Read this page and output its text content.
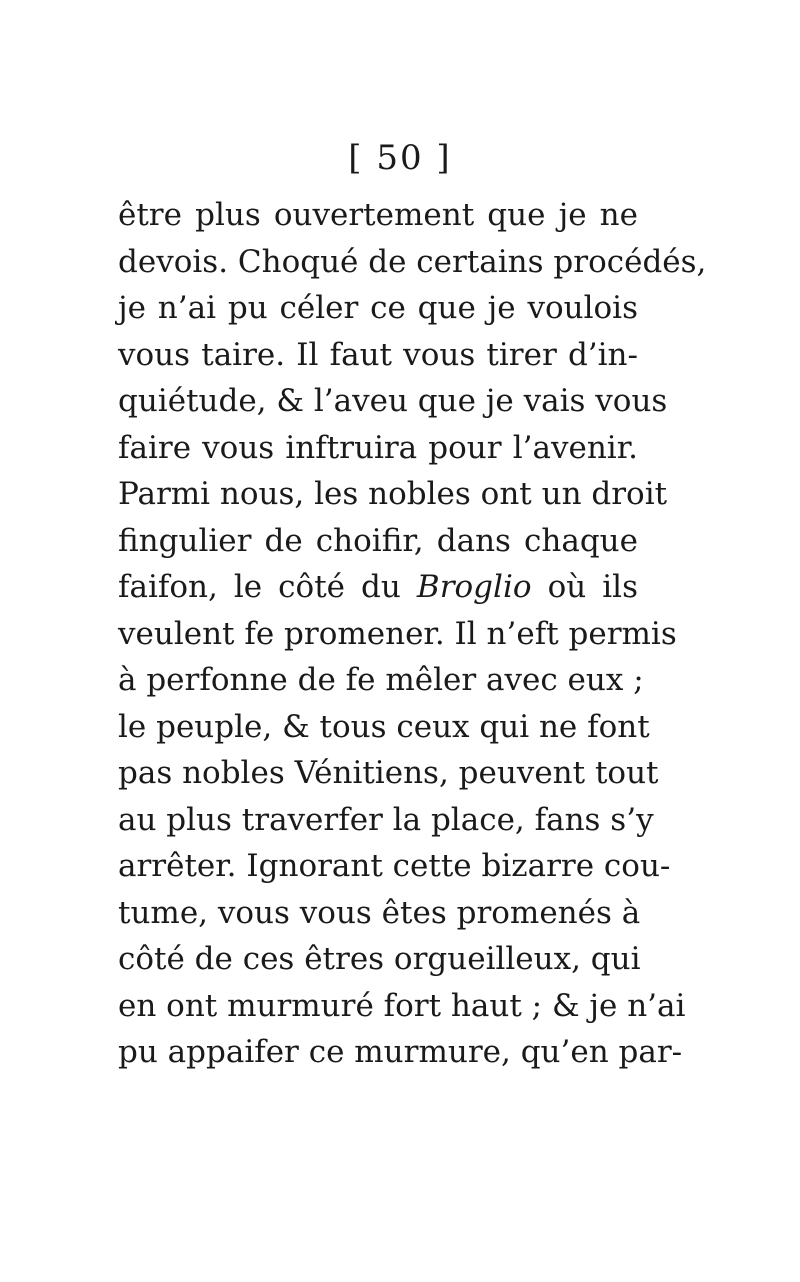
[ 50 ]
être plus ouvertement que je ne
devois. Choqué de certains procédés,
je n’ai pu céler ce que je voulois
vous taire. Il faut vous tirer d’in-
quiétude, & l’aveu que je vais vous
faire vous inftruira pour l’avenir.
Parmi nous, les nobles ont un droit
fingulier de choifir, dans chaque
faifon, le côté du Broglio où ils
veulent fe promener. Il n’eft permis
à perfonne de fe mêler avec eux ;
le peuple, & tous ceux qui ne font
pas nobles Vénitiens, peuvent tout
au plus traverfer la place, fans s’y
arrêter. Ignorant cette bizarre cou-
tume, vous vous êtes promenés à
côté de ces êtres orgueilleux, qui
en ont murmuré fort haut ; & je n’ai
pu appaifer ce murmure, qu’en par-
